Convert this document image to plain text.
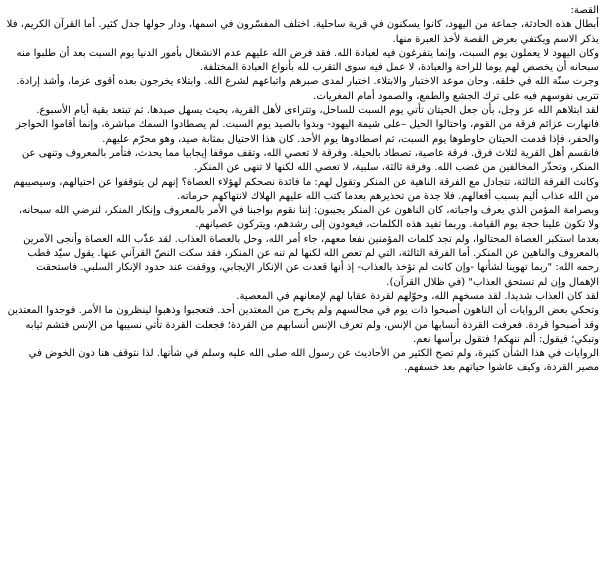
القصة:

أبطال هذه الحادثة، جماعة من اليهود، كانوا يسكنون في قرية ساحلية. اختلف المفسّرون في اسمها، ودار حولها جدل كثير. أما القرآن الكريم، فلا يذكر الاسم ويكتفي بعرض القصة لأخذ العبرة منها.

وكان اليهود لا يعملون يوم السبت، وإنما يتفرغون فيه لعبادة الله. فقد فرض الله عليهم عدم الانشغال بأمور الدنيا يوم السبت بعد أن طلبوا منه سبحانه أن يخصص لهم يوما للراحة والعبادة، لا عمل فيه سوى التقرب لله بأنواع العبادة المختلفة.

وجرت سنّة الله في خلقه. وحان موعد الاختبار والابتلاء. اختبار لمدى صبرهم واتباعهم لشرع الله. وابتلاء يخرجون بعده أقوى عزما، وأشد إرادة. تتربى نفوسهم فيه على ترك الجشع والطمع، والصمود أمام المغريات.

لقد ابتلاهم الله عز وجل، بأن جعل الحيتان تأتي يوم السبت للساحل، وتتراءى لأهل القرية، بحيث يسهل صيدها. ثم تبتعد بقية أيام الأسبوع. فانهارت عزائم فرقة من القوم، واحتالوا الحيل –على شيمة اليهود- وبدوا بالصيد يوم السبت. لم يصطادوا السمك مباشرة، وإنما أقاموا الحواجز والحفر، فإذا قدمت الحيتان حاوطوها يوم السبت، ثم اصطادوها يوم الأحد. كان هذا الاحتيال بمثابة صيد، وهو محرّم عليهم.

فانقسم أهل القرية لثلاث فرق. فرقة عاصية، تصطاد بالحيلة. وفرقة لا تعصي الله، وتقف موقفا إيجابيا مما يحدث، فتأمر بالمعروف وتنهى عن المنكر، وتحذّر المخالفين من غضب الله. وفرقة ثالثة، سلبية، لا تعصي الله لكنها لا تنهى عن المنكر.

وكانت الفرقة الثالثة، تتجادل مع الفرقة الناهية عن المنكر وتقول لهم: ما فائدة نصحكم لهؤلاء العصاة؟ إنهم لن يتوقفوا عن احتيالهم، وسيصيبهم من الله عذاب أليم بسبب أفعالهم. فلا جدة من تحذيرهم بعدما كتب الله عليهم الهلاك لانتهاكهم حرماته.

وبصرامة المؤمن الذي يعرف واجباته، كان الناهون عن المنكر يجيبون: إننا نقوم بواجبنا في الأمر بالمعروف وإنكار المنكر، لنرضي الله سبحانه، ولا تكون علينا حجة يوم القيامة. وربما تفيد هذه الكلمات، فيعودون إلى رشدهم، ويتركون عصيانهم.

بعدما استكبر العصاة المحتالوا، ولم تجد كلمات المؤمنين نفعا معهم، جاء أمر الله، وحل بالعصاة العذاب. لقد عذّب الله العصاة وأنجى الآمرين بالمعروف والناهين عن المنكر. أما الفرقة الثالثة، التي لم تعص الله لكنها لم تنه عن المنكر، فقد سكت النصّ القرآني عنها. يقول سيّد قطب رحمه الله: "ربما تهوينا لشأنها -وإن كانت لم تؤخذ بالعذاب- إذ أنها قعدت عن الإنكار الإيجابي، ووقفت عند حدود الإنكار السلبي. فاستحقت الإهمال وإن لم تستحق العذاب" (في ظلال القرآن).

لقد كان العذاب شديدا. لقد مسخهم الله، وحوّلهم لقردة عقابا لهم لإمعانهم في المعصية.

وتحكي بعض الروايات أن الناهون أصبحوا ذات يوم في مجالسهم ولم يخرج من المعتدين أحد. فتعجبوا وذهبوا لينظرون ما الأمر. فوجدوا المعتدين وقد أصبحوا قردة. فعرفت القردة أنسابها من الإنس، ولم تعرف الإنس أنسابهم من القردة؛ فجعلت القردة تأتي نسيبها من الإنس فتشم ثيابه وتبكي؛ فيقول: ألم ننهكم! فتقول برأسها نعم.

الروايات في هذا الشأن كثيرة، ولم تصح الكثير من الأحاديث عن رسول الله صلى الله عليه وسلم في شأنها. لذا نتوقف هنا دون الخوض في مصير القردة، وكيف عاشوا حياتهم بعد خسفهم.
